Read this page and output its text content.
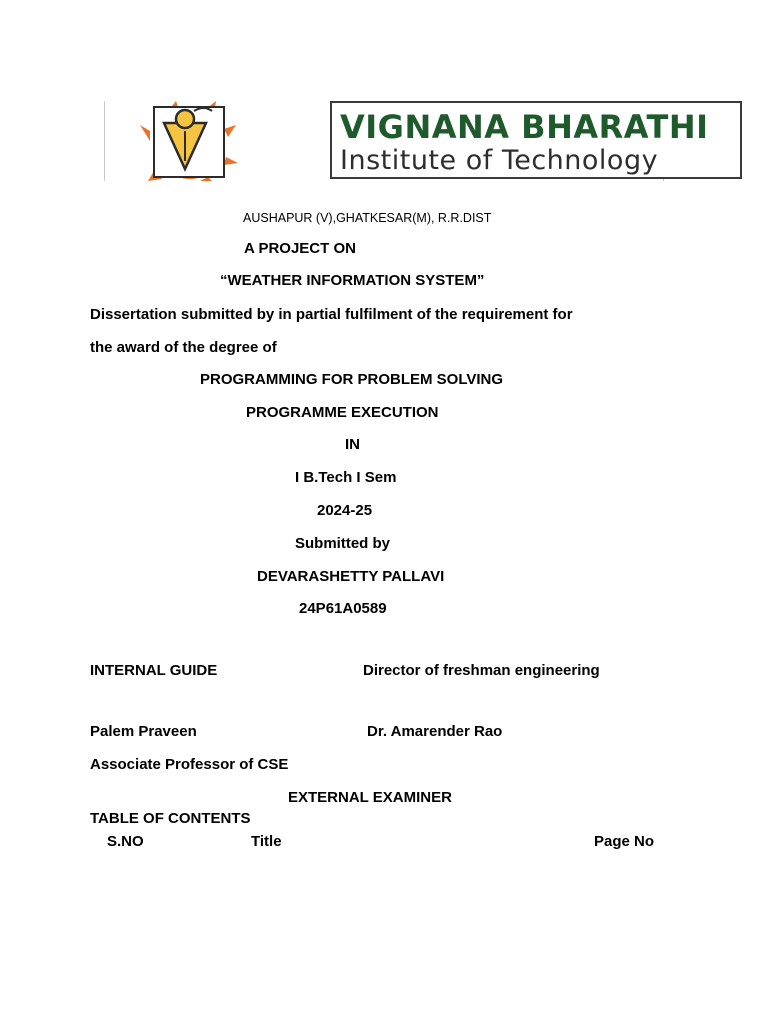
VIGNANA BHARATHI
Institute of Technology
AUSHAPUR (V),GHATKESAR(M), R.R.DIST
A PROJECT ON
“WEATHER INFORMATION SYSTEM”
Dissertation submitted by in partial fulfilment of the requirement for
the award of the degree of
PROGRAMMING FOR PROBLEM SOLVING
PROGRAMME EXECUTION
IN
I B.Tech I Sem
2024-25
Submitted by
DEVARASHETTY PALLAVI
24P61A0589
INTERNAL GUIDE	Director of freshman engineering
Palem Praveen	Dr. Amarender Rao
Associate Professor of CSE
EXTERNAL EXAMINER
TABLE OF CONTENTS
S.NO	Title	Page No
